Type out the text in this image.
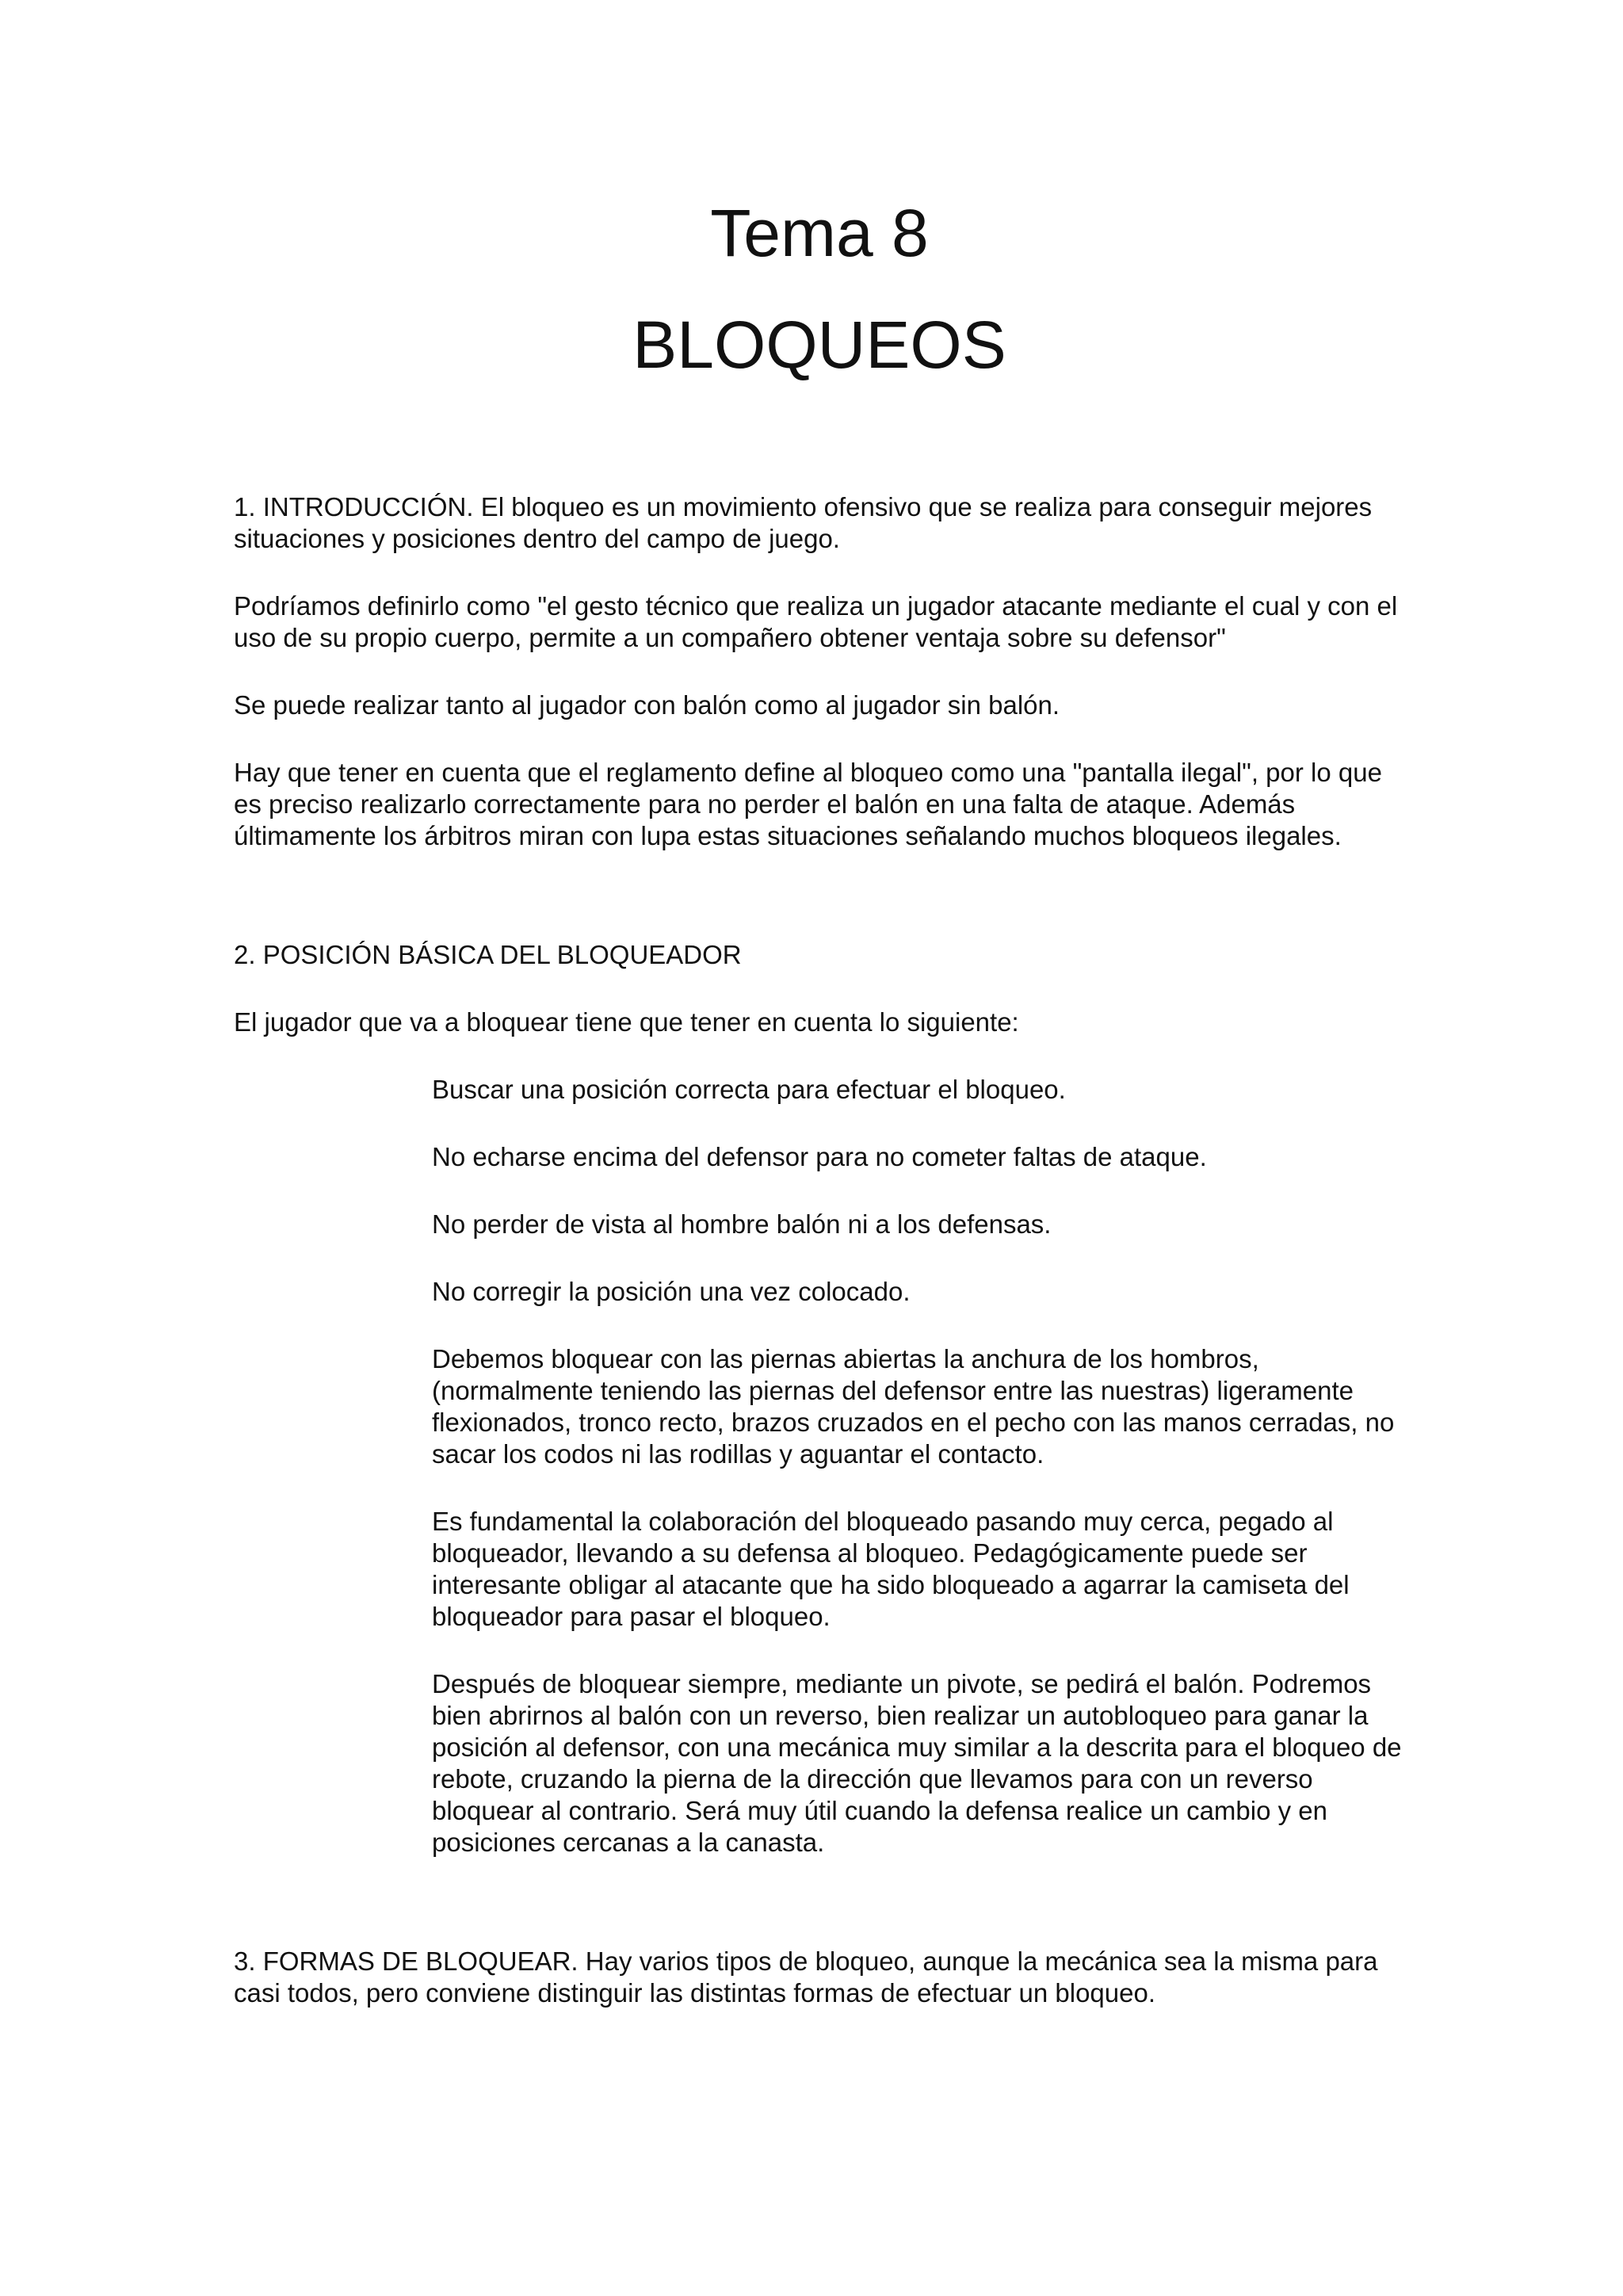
Tema 8
BLOQUEOS

1. INTRODUCCIÓN. El bloqueo es un movimiento ofensivo que se realiza para conseguir mejores situaciones y posiciones dentro del campo de juego.

Podríamos definirlo como "el gesto técnico que realiza un jugador atacante mediante el cual y con el uso de su propio cuerpo, permite a un compañero obtener ventaja sobre su defensor"

Se puede realizar tanto al jugador con balón como al jugador sin balón.

Hay que tener en cuenta que el reglamento define al bloqueo como una "pantalla ilegal", por lo que es preciso realizarlo correctamente para no perder el balón en una falta de ataque. Además últimamente los árbitros miran con lupa estas situaciones señalando muchos bloqueos ilegales.

2. POSICIÓN BÁSICA DEL BLOQUEADOR

El jugador que va a bloquear tiene que tener en cuenta lo siguiente:

Buscar una posición correcta para efectuar el bloqueo.

No echarse encima del defensor para no cometer faltas de ataque.

No perder de vista al hombre balón ni a los defensas.

No corregir la posición una vez colocado.

Debemos bloquear con las piernas abiertas la anchura de los hombros, (normalmente teniendo las piernas del defensor entre las nuestras) ligeramente flexionados, tronco recto, brazos cruzados en el pecho con las manos cerradas, no sacar los codos ni las rodillas y aguantar el contacto.

Es fundamental la colaboración del bloqueado pasando muy cerca, pegado al bloqueador, llevando a su defensa al bloqueo. Pedagógicamente puede ser interesante obligar al atacante que ha sido bloqueado a agarrar la camiseta del bloqueador para pasar el bloqueo.

Después de bloquear siempre, mediante un pivote, se pedirá el balón. Podremos bien abrirnos al balón con un reverso, bien realizar un autobloqueo para ganar la posición al defensor, con una mecánica muy similar a la descrita para el bloqueo de rebote, cruzando la pierna de la dirección que llevamos para con un reverso bloquear al contrario. Será muy útil cuando la defensa realice un cambio y en posiciones cercanas a la canasta.

3. FORMAS DE BLOQUEAR. Hay varios tipos de bloqueo, aunque la mecánica sea la misma para casi todos, pero conviene distinguir las distintas formas de efectuar un bloqueo.
